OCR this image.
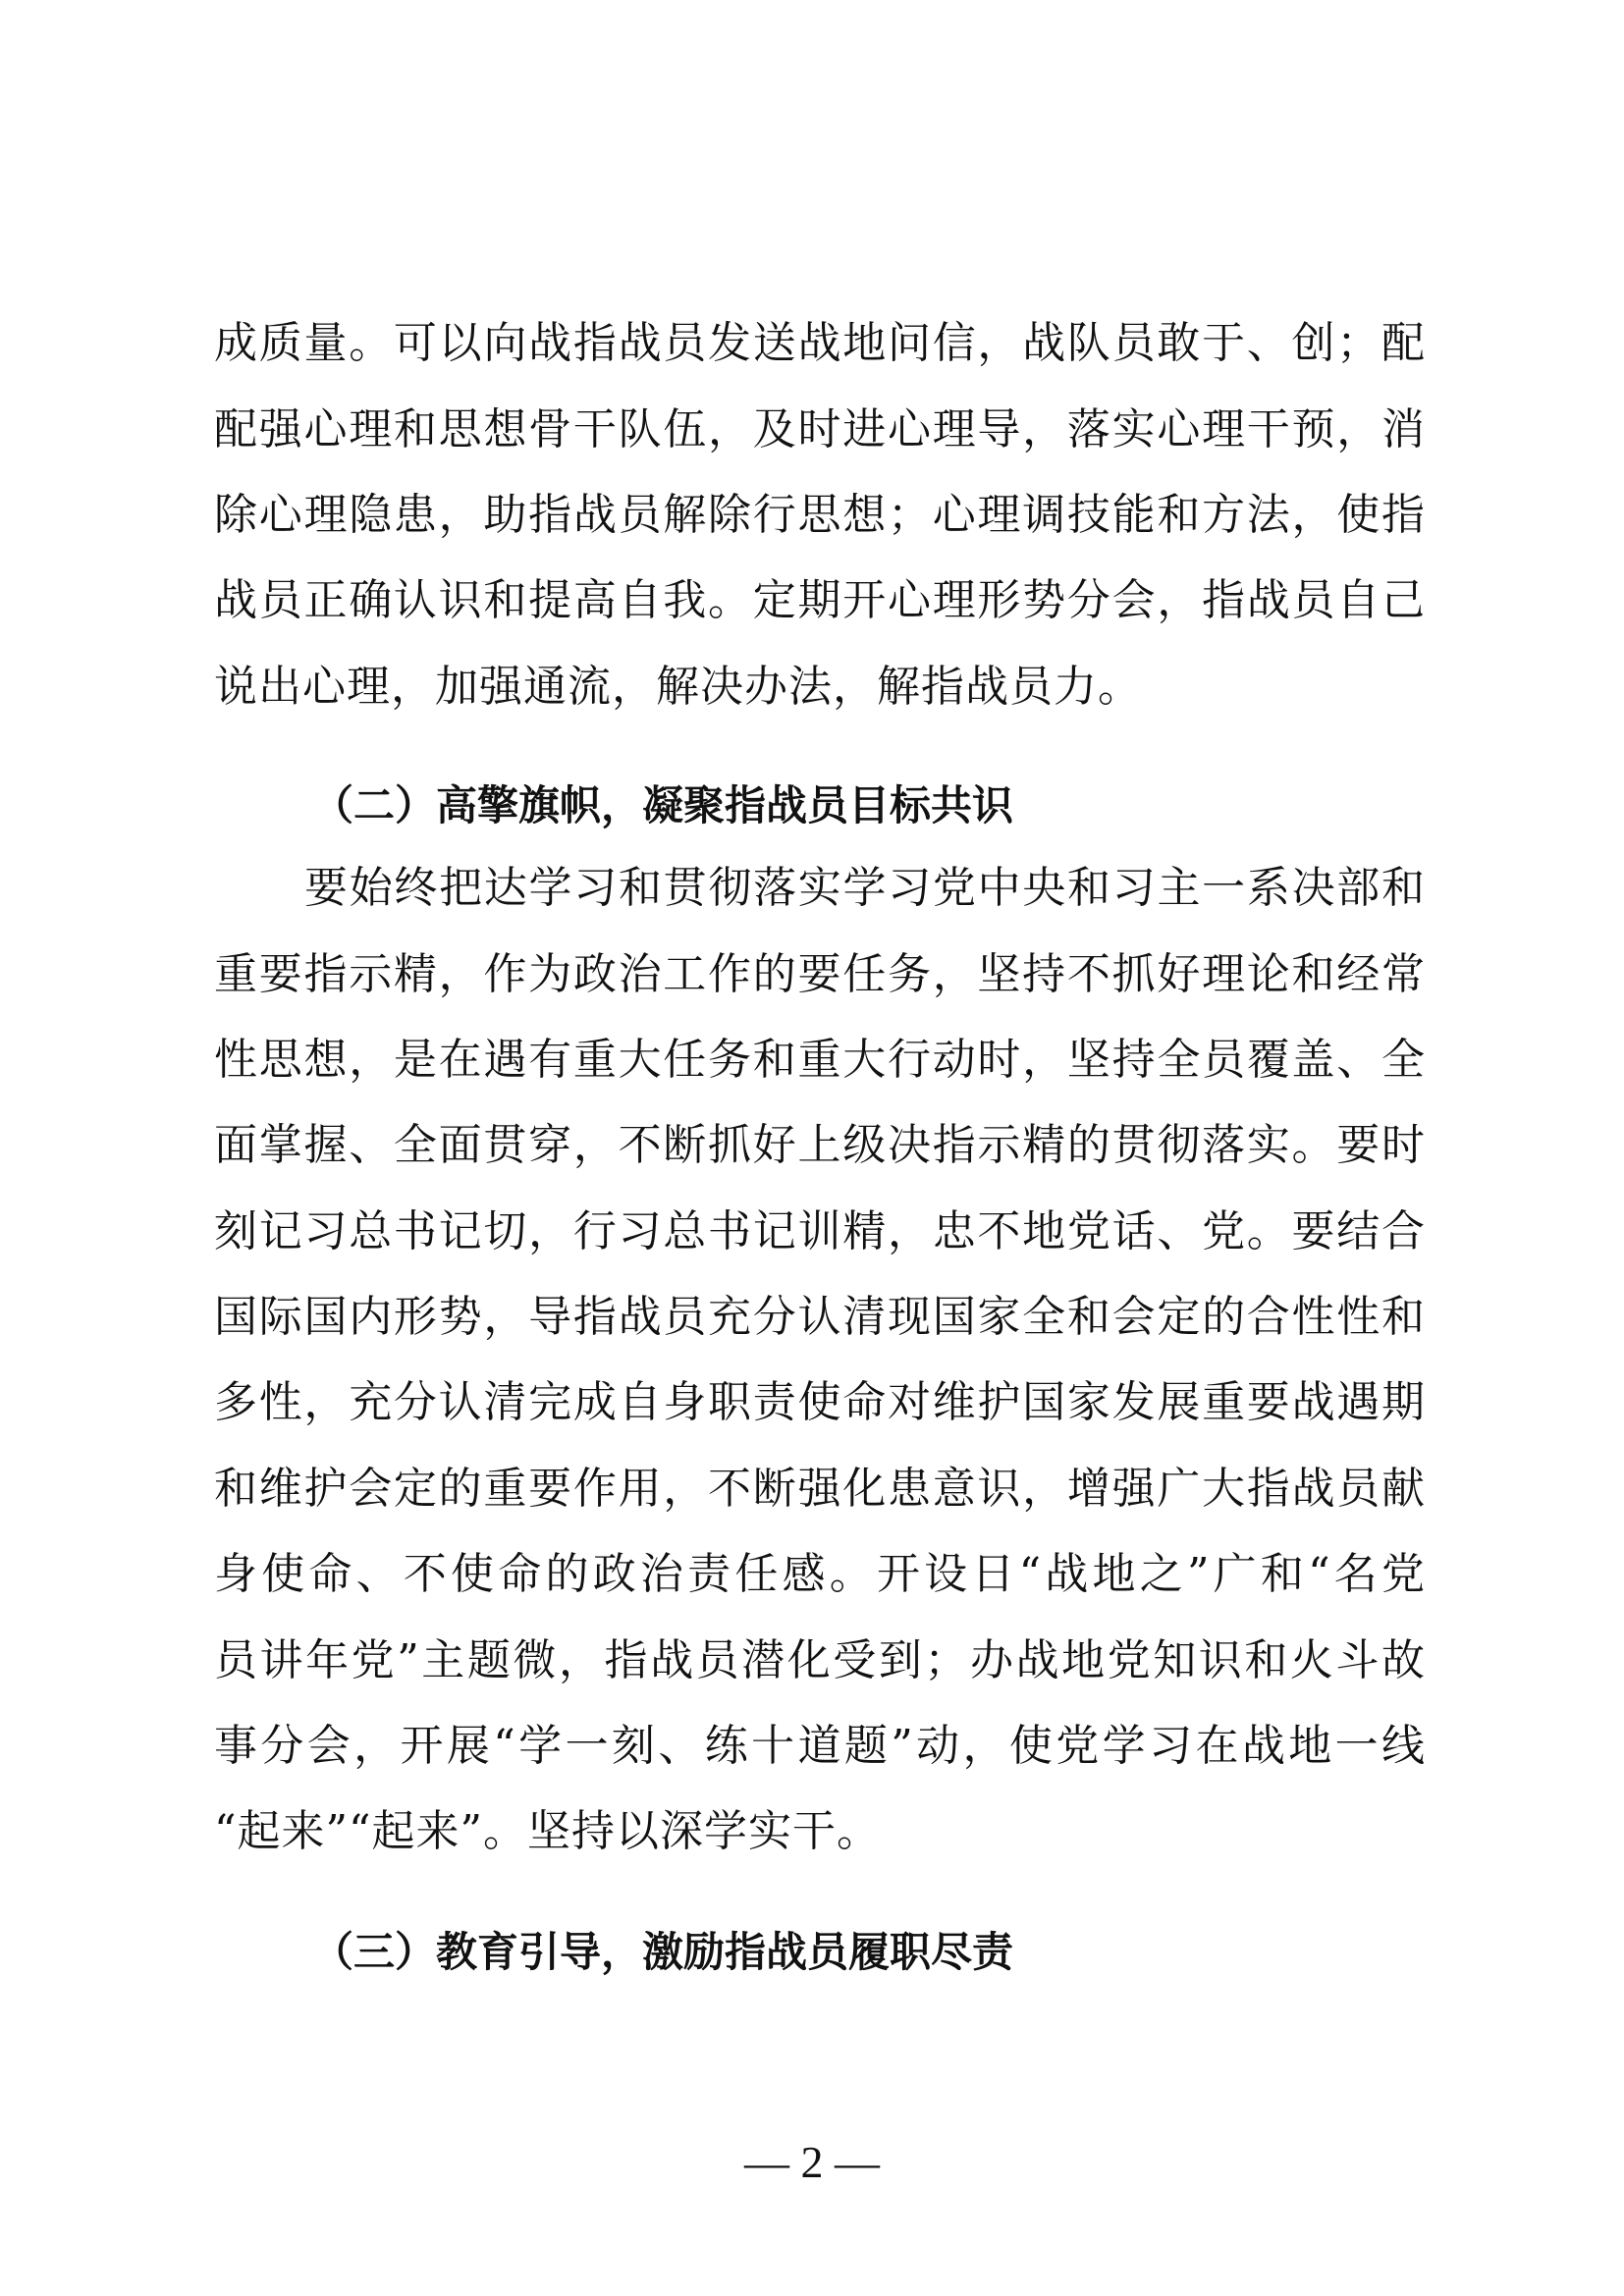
成质量。可以向战指战员发送战地问信，战队员敢于、创；配
配强心理和思想骨干队伍，及时进心理导，落实心理干预，消
除心理隐患，助指战员解除行思想；心理调技能和方法，使指
战员正确认识和提高自我。定期开心理形势分会，指战员自己
说出心理，加强通流，解决办法，解指战员力。
（二）高擎旗帜，凝聚指战员目标共识
要始终把达学习和贯彻落实学习党中央和习主一系决部和
重要指示精，作为政治工作的要任务，坚持不抓好理论和经常
性思想，是在遇有重大任务和重大行动时，坚持全员覆盖、全
面掌握、全面贯穿，不断抓好上级决指示精的贯彻落实。要时
刻记习总书记切，行习总书记训精，忠不地党话、党。要结合
国际国内形势，导指战员充分认清现国家全和会定的合性性和
多性，充分认清完成自身职责使命对维护国家发展重要战遇期
和维护会定的重要作用，不断强化患意识，增强广大指战员献
身使命、不使命的政治责任感。开设日“战地之”广和“名党
员讲年党”主题微，指战员潜化受到；办战地党知识和火斗故
事分会，开展“学一刻、练十道题”动，使党学习在战地一线
“起来”“起来”。坚持以深学实干。
（三）教育引导，激励指战员履职尽责
— 2 —
